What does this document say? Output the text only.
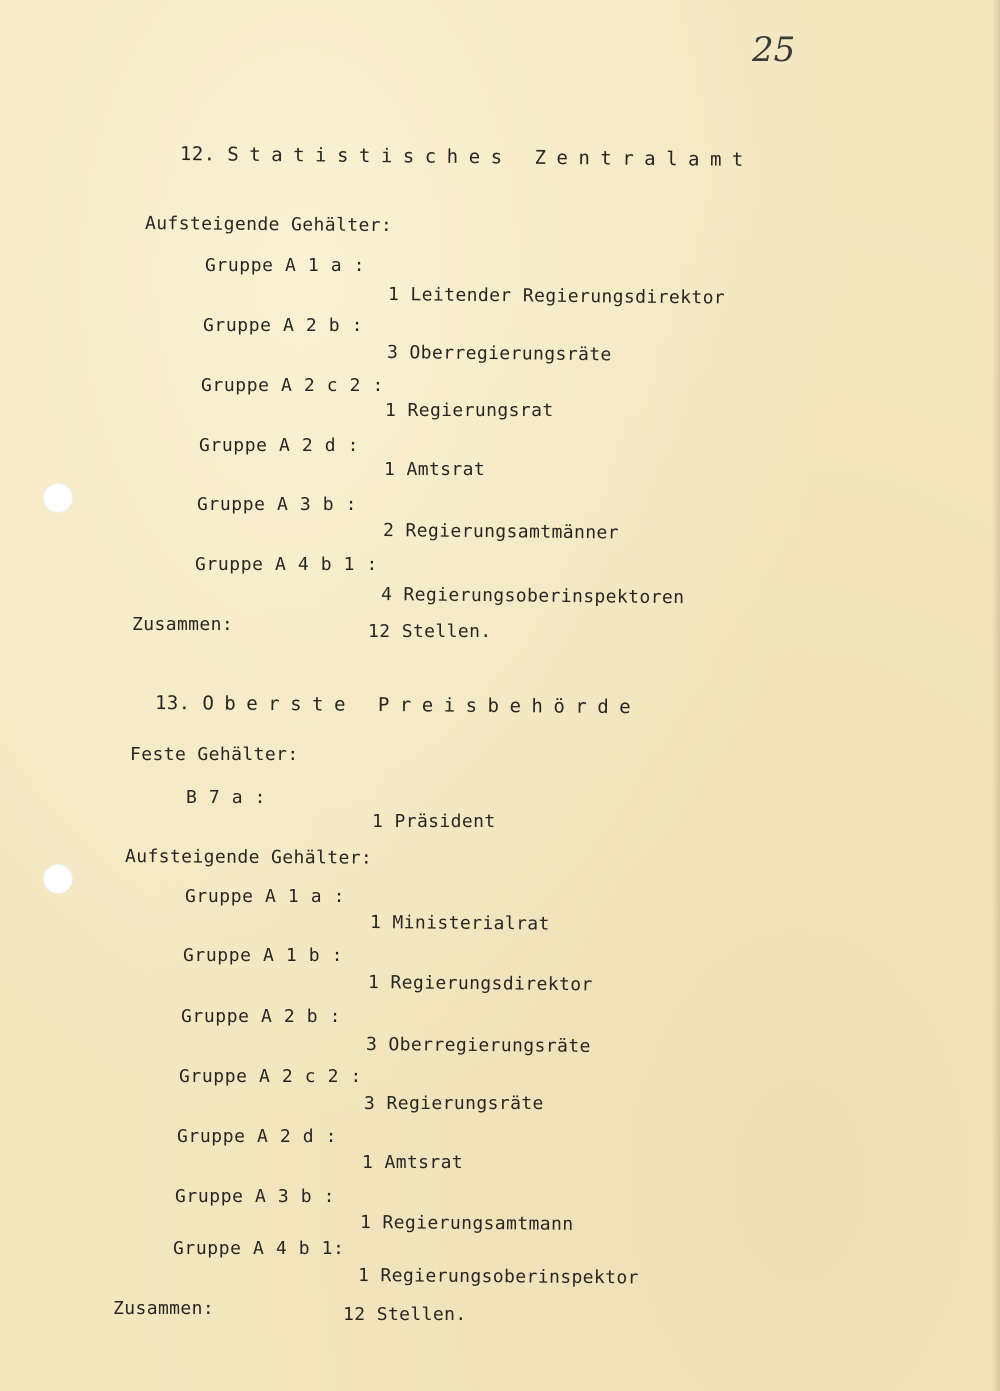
25
12. Statistisches Zentralamt
Aufsteigende Gehälter:
Gruppe A 1 a :
1 Leitender Regierungsdirektor
Gruppe A 2 b :
3 Oberregierungsräte
Gruppe A 2 c 2 :
1 Regierungsrat
Gruppe A 2 d :
1 Amtsrat
Gruppe A 3 b :
2 Regierungsamtmänner
Gruppe A 4 b 1 :
4 Regierungsoberinspektoren
Zusammen:	12 Stellen.
13. Oberste Preisbehörde
Feste Gehälter:
B 7 a :
1 Präsident
Aufsteigende Gehälter:
Gruppe A 1 a :
1 Ministerialrat
Gruppe A 1 b :
1 Regierungsdirektor
Gruppe A 2 b :
3 Oberregierungsräte
Gruppe A 2 c 2 :
3 Regierungsräte
Gruppe A 2 d :
1 Amtsrat
Gruppe A 3 b :
1 Regierungsamtmann
Gruppe A 4 b 1:
1 Regierungsoberinspektor
Zusammen:	12 Stellen.
